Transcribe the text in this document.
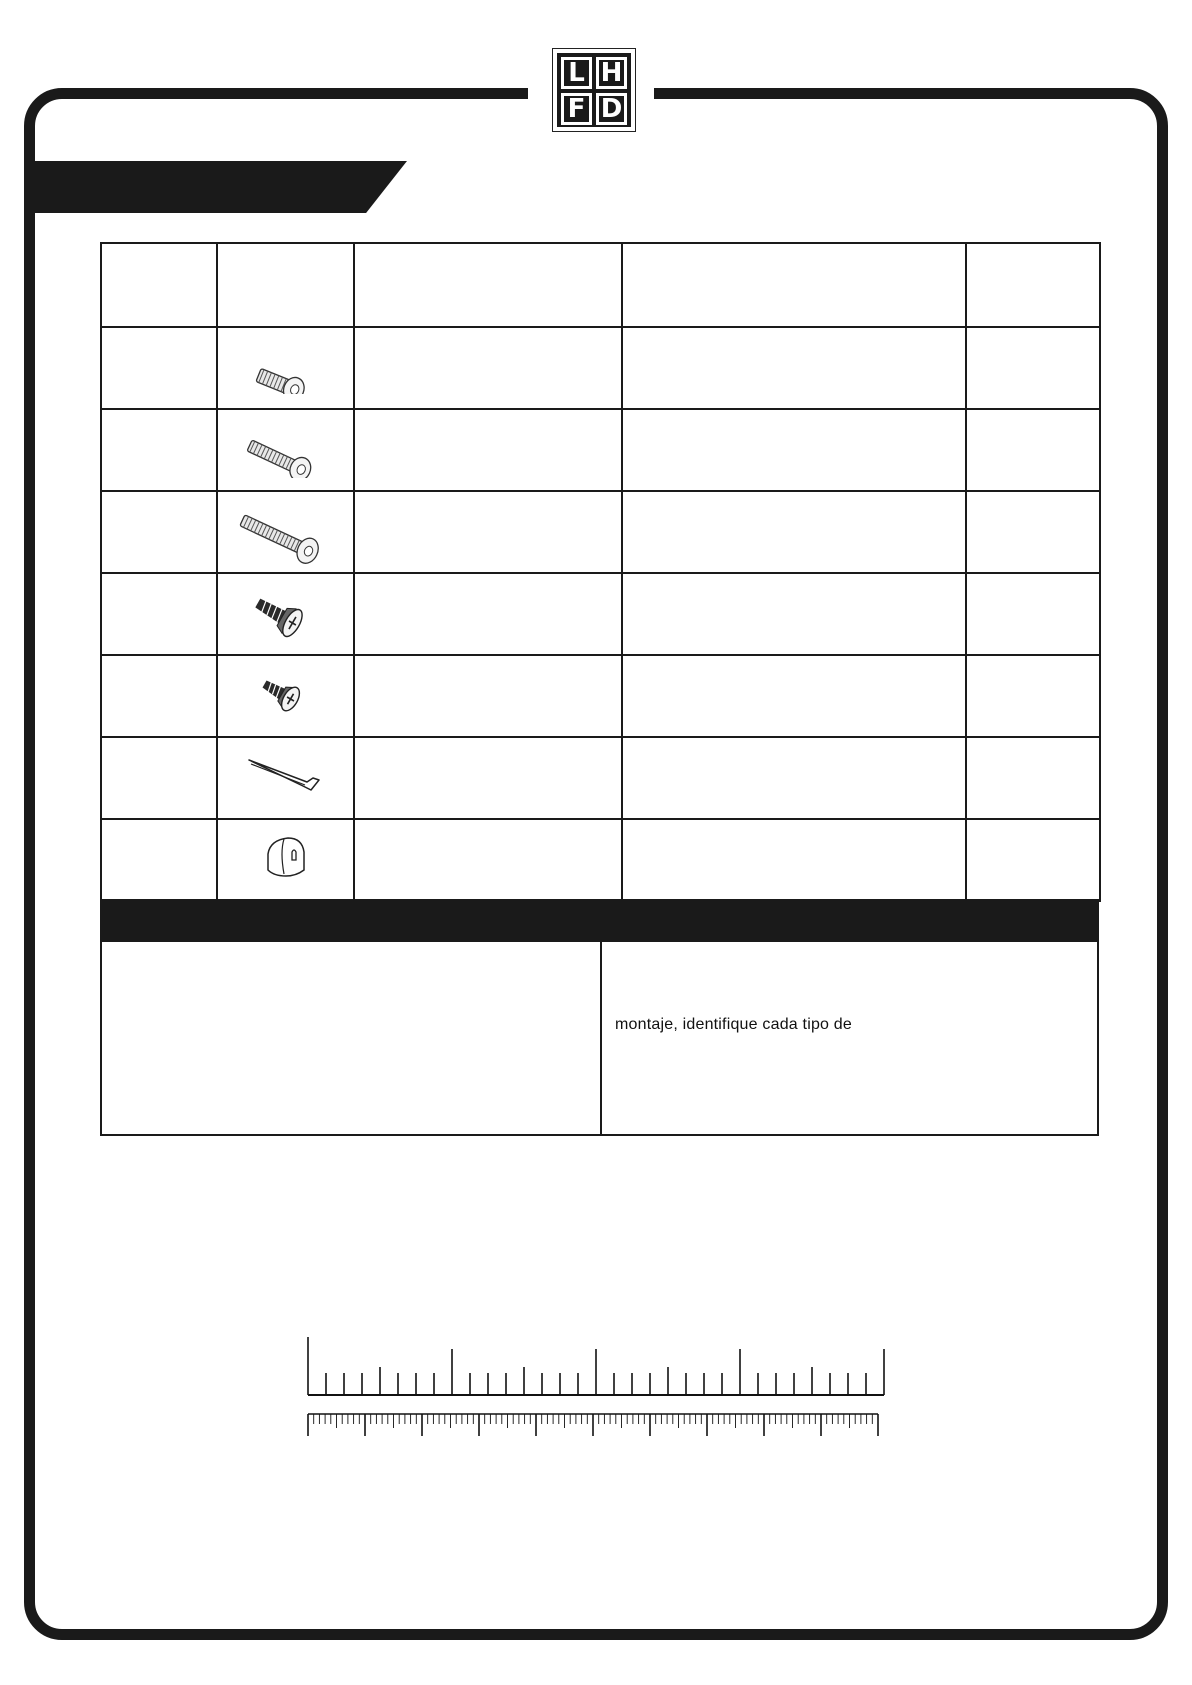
L H
F D

montaje, identifique cada tipo de
